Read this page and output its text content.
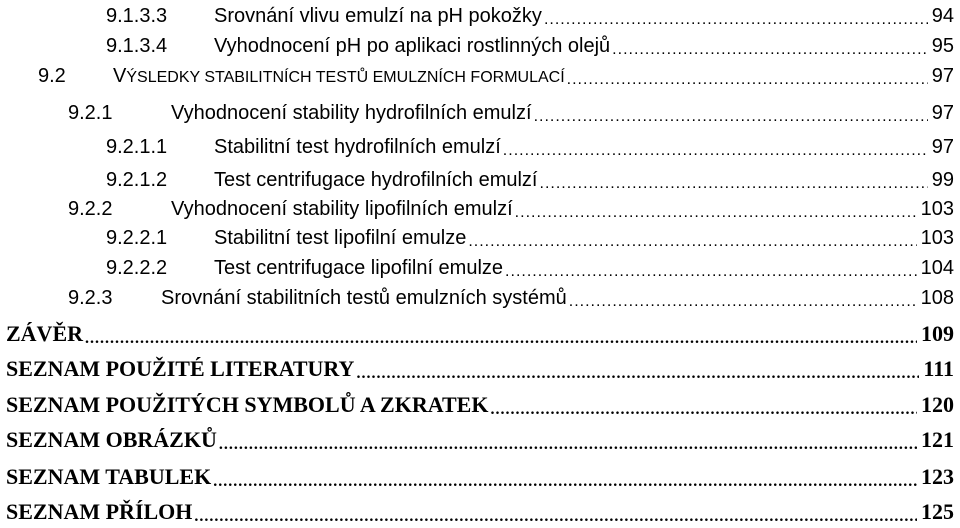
9.1.3.3	Srovnání vlivu emulzí na pH pokožky .....	94
9.1.3.4	Vyhodnocení pH po aplikaci rostlinných olejů .....	95
9.2	VÝSLEDKY STABILITNÍCH TESTŮ EMULZNÍCH FORMULACÍ .....	97
9.2.1	Vyhodnocení stability hydrofilních emulzí .....	97
9.2.1.1	Stabilitní test hydrofilních emulzí .....	97
9.2.1.2	Test centrifugace hydrofilních emulzí .....	99
9.2.2	Vyhodnocení stability lipofilních emulzí .....	103
9.2.2.1	Stabilitní test lipofilní emulze .....	103
9.2.2.2	Test centrifugace lipofilní emulze .....	104
9.2.3	Srovnání stabilitních testů emulzních systémů .....	108
ZÁVĚR .....	109
SEZNAM POUŽITÉ LITERATURY .....	111
SEZNAM POUŽITÝCH SYMBOLŮ A ZKRATEK .....	120
SEZNAM OBRÁZKŮ .....	121
SEZNAM TABULEK .....	123
SEZNAM PŘÍLOH .....	125
